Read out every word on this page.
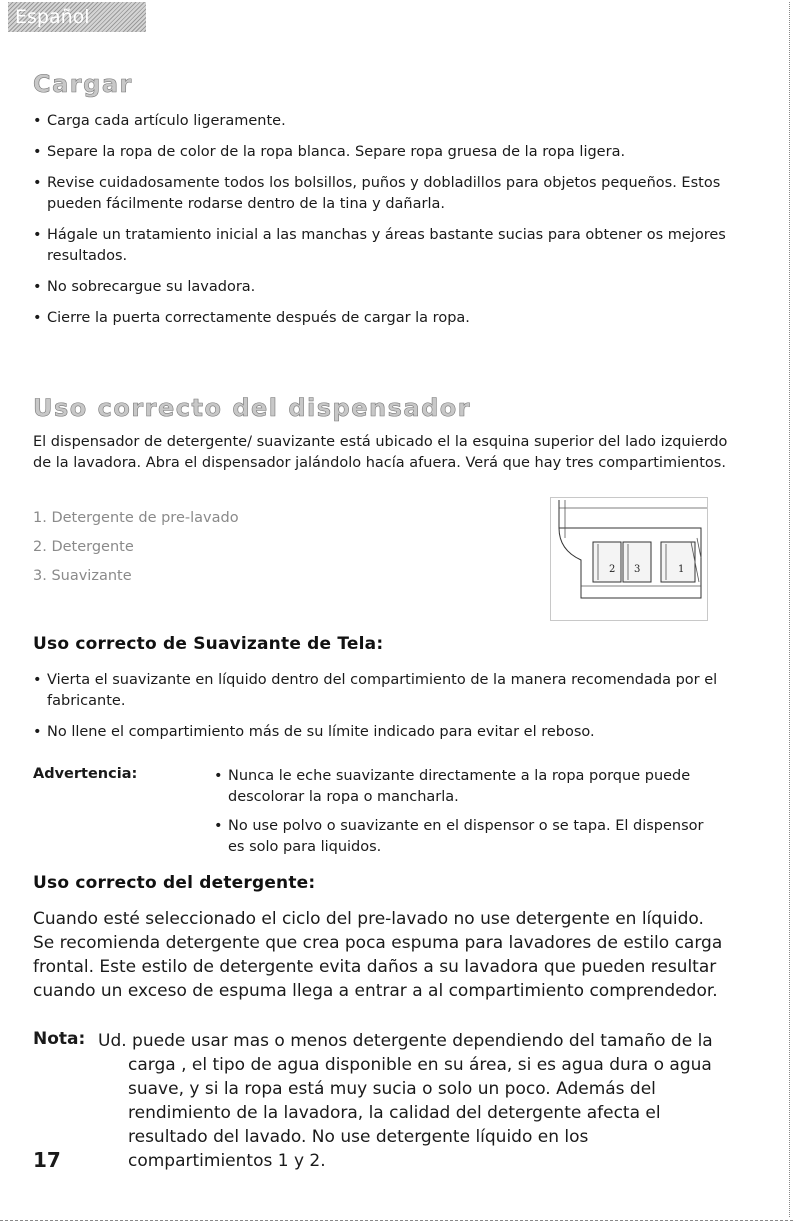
Español
Cargar
• Carga cada artículo ligeramente.
• Separe la ropa de color de la ropa blanca. Separe ropa gruesa de la ropa ligera.
• Revise cuidadosamente todos los bolsillos, puños y dobladillos para objetos pequeños. Estos pueden fácilmente rodarse dentro de la tina y dañarla.
• Hágale un tratamiento inicial a las manchas y áreas bastante sucias para obtener os mejores resultados.
• No sobrecargue su lavadora.
• Cierre la puerta correctamente después de cargar la ropa.
Uso correcto del dispensador
El dispensador de detergente/ suavizante está ubicado el la esquina superior del lado izquierdo de la lavadora. Abra el dispensador jalándolo hacía afuera. Verá que hay tres compartimientos.
1. Detergente de pre-lavado
2. Detergente
3. Suavizante	2 3	1
Uso correcto de Suavizante de Tela:
• Vierta el suavizante en líquido dentro del compartimiento de la manera recomendada por el fabricante.
• No llene el compartimiento más de su límite indicado para evitar el reboso.
Advertencia:
•	Nunca le eche suavizante directamente a la ropa porque puede descolorar la ropa o mancharla.
• No use polvo o suavizante en el dispensor o se tapa. El dispensor es solo para liquidos.
Uso correcto del detergente:
Cuando esté seleccionado el ciclo del pre-lavado no use detergente en líquido. Se recomienda detergente que crea poca espuma para lavadores de estilo carga frontal. Este estilo de detergente evita daños a su lavadora que pueden resultar cuando un exceso de espuma llega a entrar a al compartimiento comprendedor.
Nota: Ud. puede usar mas o menos detergente dependiendo del tamaño de la carga , el tipo de agua disponible en su área, si es agua dura o agua suave, y si la ropa está muy sucia o solo un poco. Además del rendimiento de la lavadora, la calidad del detergente afecta el resultado del lavado. No use detergente líquido en los compartimientos 1 y 2.
17
